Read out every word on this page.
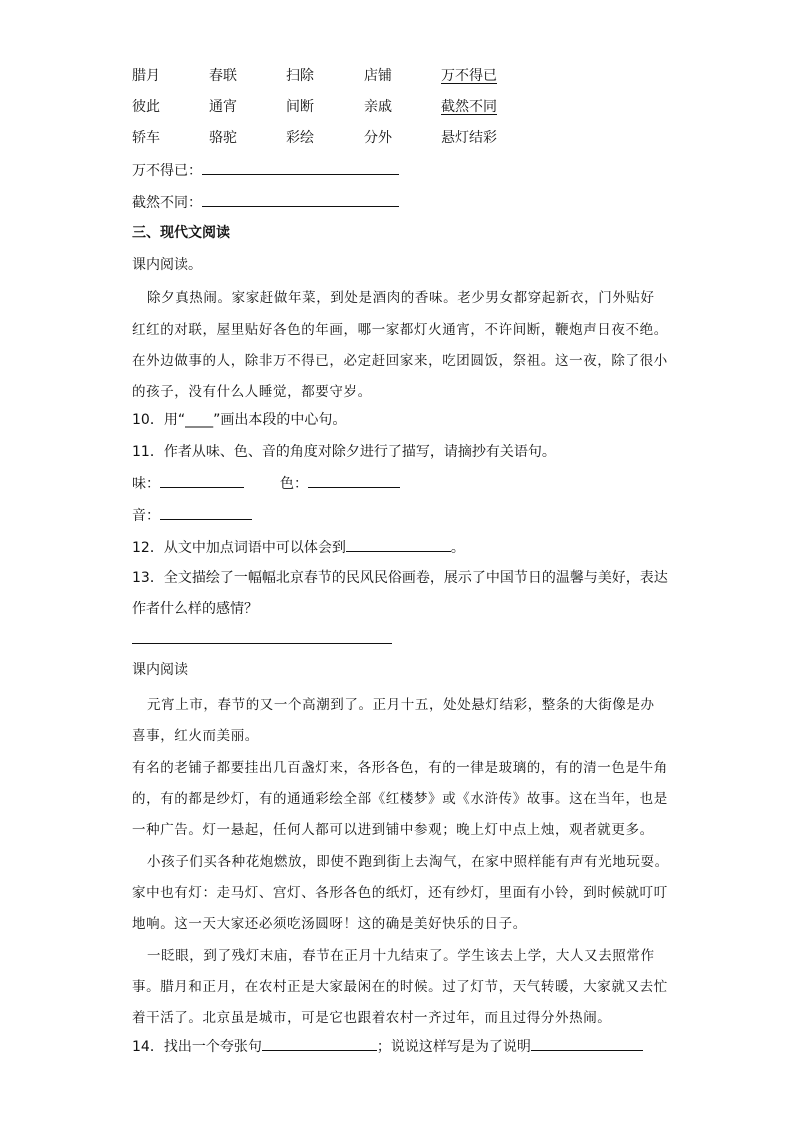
腊月	春联	扫除	店铺	万不得已
彼此	通宵	间断	亲戚	截然不同
轿车	骆驼	彩绘	分外	悬灯结彩
万不得已：
截然不同：
三、现代文阅读
课内阅读。
除夕真热闹。家家赶做年菜，到处是酒肉的香味。老少男女都穿起新衣，门外贴好
红红的对联，屋里贴好各色的年画，哪一家都灯火通宵，不许间断，鞭炮声日夜不绝。
在外边做事的人，除非万不得已，必定赶回家来，吃团圆饭，祭祖。这一夜，除了很小
的孩子，没有什么人睡觉，都要守岁。
10．用“____”画出本段的中心句。
11．作者从味、色、音的角度对除夕进行了描写，请摘抄有关语句。
味：	色：
音：
12．从文中加点词语中可以体会到	。
13．全文描绘了一幅幅北京春节的民风民俗画卷，展示了中国节日的温馨与美好，表达
作者什么样的感情？
课内阅读
元宵上市，春节的又一个高潮到了。正月十五，处处悬灯结彩，整条的大街像是办
喜事，红火而美丽。
有名的老铺子都要挂出几百盏灯来，各形各色，有的一律是玻璃的，有的清一色是牛角
的，有的都是纱灯，有的通通彩绘全部《红楼梦》或《水浒传》故事。这在当年，也是
一种广告。灯一悬起，任何人都可以进到铺中参观；晚上灯中点上烛，观者就更多。
小孩子们买各种花炮燃放，即使不跑到街上去淘气，在家中照样能有声有光地玩耍。
家中也有灯：走马灯、宫灯、各形各色的纸灯，还有纱灯，里面有小铃，到时候就叮叮
地响。这一天大家还必须吃汤圆呀！这的确是美好快乐的日子。
一眨眼，到了残灯末庙，春节在正月十九结束了。学生该去上学，大人又去照常作
事。腊月和正月，在农村正是大家最闲在的时候。过了灯节，天气转暖，大家就又去忙
着干活了。北京虽是城市，可是它也跟着农村一齐过年，而且过得分外热闹。
14．找出一个夸张句	；说说这样写是为了说明
